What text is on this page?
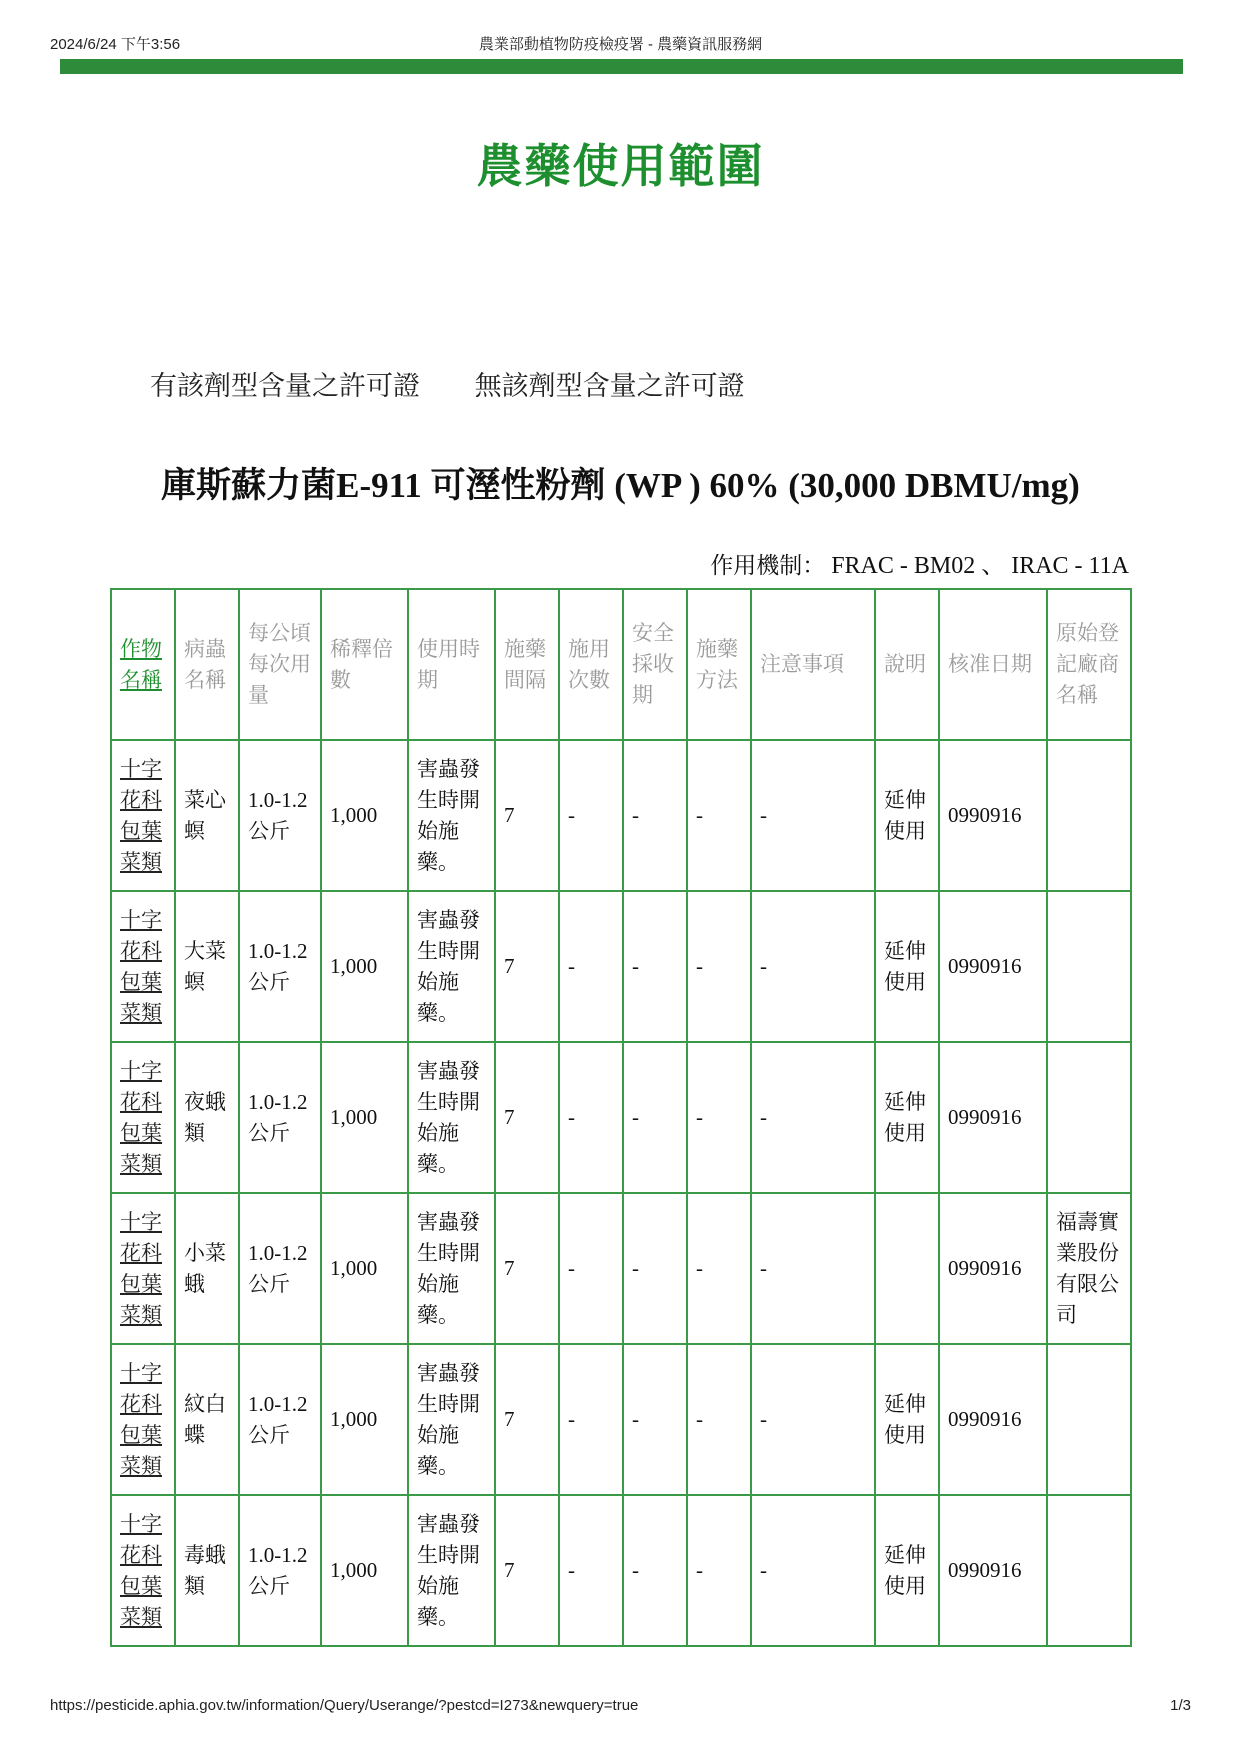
2024/6/24 下午3:56	農業部動植物防疫檢疫署 - 農藥資訊服務網
農藥使用範圍
有該劑型含量之許可證 無該劑型含量之許可證
庫斯蘇力菌E-911 可溼性粉劑 (WP ) 60% (30,000 DBMU/mg)
作用機制： FRAC - BM02 、 IRAC - 11A
作物名稱	病蟲名稱	每公頃每次用量	稀釋倍數	使用時期	施藥間隔	施用次數	安全採收期	施藥方法	注意事項	說明	核准日期	原始登記廠商名稱
十字花科包葉菜類	菜心螟	1.0-1.2公斤	1,000	害蟲發生時開始施藥。	7	-	-	-	-	延伸使用	0990916	
十字花科包葉菜類	大菜螟	1.0-1.2公斤	1,000	害蟲發生時開始施藥。	7	-	-	-	-	延伸使用	0990916	
十字花科包葉菜類	夜蛾類	1.0-1.2公斤	1,000	害蟲發生時開始施藥。	7	-	-	-	-	延伸使用	0990916	
十字花科包葉菜類	小菜蛾	1.0-1.2公斤	1,000	害蟲發生時開始施藥。	7	-	-	-	-		0990916	福壽實業股份有限公司
十字花科包葉菜類	紋白蝶	1.0-1.2公斤	1,000	害蟲發生時開始施藥。	7	-	-	-	-	延伸使用	0990916	
十字花科包葉菜類	毒蛾類	1.0-1.2公斤	1,000	害蟲發生時開始施藥。	7	-	-	-	-	延伸使用	0990916	
https://pesticide.aphia.gov.tw/information/Query/Userange/?pestcd=I273&newquery=true	1/3
